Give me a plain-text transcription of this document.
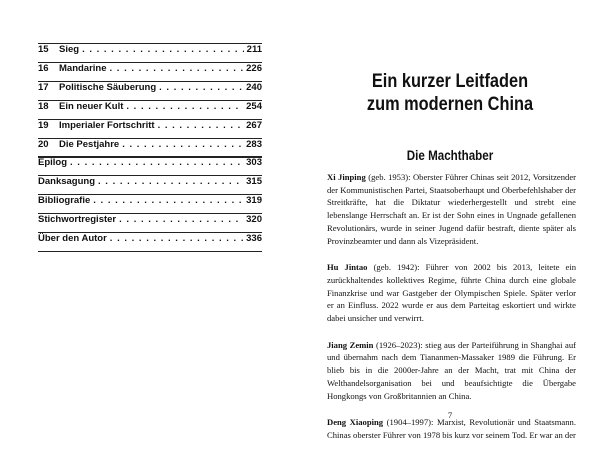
15	Sieg . . .	211
16	Mandarine . . .	226
17	Politische Säuberung . . .	240
18	Ein neuer Kult . . .	254
19	Imperialer Fortschritt . . .	267
20	Die Pestjahre . . .	283
Epilog . . .	303
Danksagung . . .	315
Bibliografie . . .	319
Stichwortregister . . .	320
Über den Autor . . .	336
Ein kurzer Leitfaden
zum modernen China
Die Machthaber

Xi Jinping (geb. 1953): Oberster Führer Chinas seit 2012, Vorsitzender der Kommunistischen Partei, Staatsoberhaupt und Oberbefehlshaber der Streitkräfte, hat die Diktatur wiederhergestellt und strebt eine lebenslange Herrschaft an. Er ist der Sohn eines in Ungnade gefallenen Revolutionärs, wurde in seiner Jugend dafür bestraft, diente später als Provinzbeamter und dann als Vizepräsident.

Hu Jintao (geb. 1942): Führer von 2002 bis 2013, leitete ein zurückhaltendes kollektives Regime, führte China durch eine globale Finanzkrise und war Gastgeber der Olympischen Spiele. Später verlor er an Einfluss. 2022 wurde er aus dem Parteitag eskortiert und wirkte dabei unsicher und verwirrt.

Jiang Zemin (1926–2023): stieg aus der Parteiführung in Shanghai auf und übernahm nach dem Tiananmen-Massaker 1989 die Führung. Er blieb bis in die 2000er-Jahre an der Macht, trat mit China der Welthandelsorganisation bei und beaufsichtigte die Übergabe Hongkongs von Großbritannien an China.

Deng Xiaoping (1904–1997): Marxist, Revolutionär und Staatsmann. Chinas oberster Führer von 1978 bis kurz vor seinem Tod. Er war an der

7
